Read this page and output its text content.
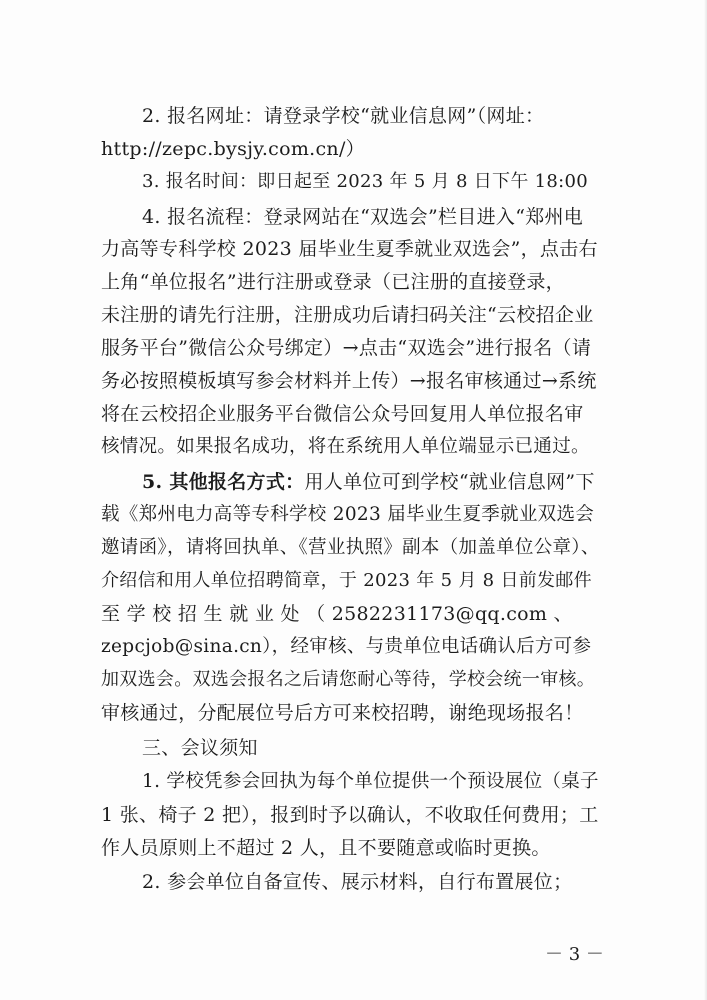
2. 报名网址：请登录学校“就业信息网”（网址：
http://zepc.bysjy.com.cn/）
3. 报名时间：即日起至 2023 年 5 月 8 日下午 18:00
4. 报名流程：登录网站在“双选会”栏目进入“郑州电
力高等专科学校 2023 届毕业生夏季就业双选会”，点击右
上角“单位报名”进行注册或登录（已注册的直接登录，
未注册的请先行注册，注册成功后请扫码关注“云校招企业
服务平台”微信公众号绑定）→点击“双选会”进行报名（请
务必按照模板填写参会材料并上传）→报名审核通过→系统
将在云校招企业服务平台微信公众号回复用人单位报名审
核情况。如果报名成功，将在系统用人单位端显示已通过。
5. 其他报名方式：用人单位可到学校“就业信息网”下
载《郑州电力高等专科学校 2023 届毕业生夏季就业双选会
邀请函》，请将回执单、《营业执照》副本（加盖单位公章）、
介绍信和用人单位招聘简章，于 2023 年 5 月 8 日前发邮件
至 学 校 招 生 就 业 处 （ 2582231173@qq.com 、
zepcjob@sina.cn），经审核、与贵单位电话确认后方可参
加双选会。双选会报名之后请您耐心等待，学校会统一审核。
审核通过，分配展位号后方可来校招聘，谢绝现场报名！
三、会议须知
1. 学校凭参会回执为每个单位提供一个预设展位（桌子
1 张、椅子 2 把），报到时予以确认，不收取任何费用；工
作人员原则上不超过 2 人，且不要随意或临时更换。
2. 参会单位自备宣传、展示材料，自行布置展位；
－ 3 －
